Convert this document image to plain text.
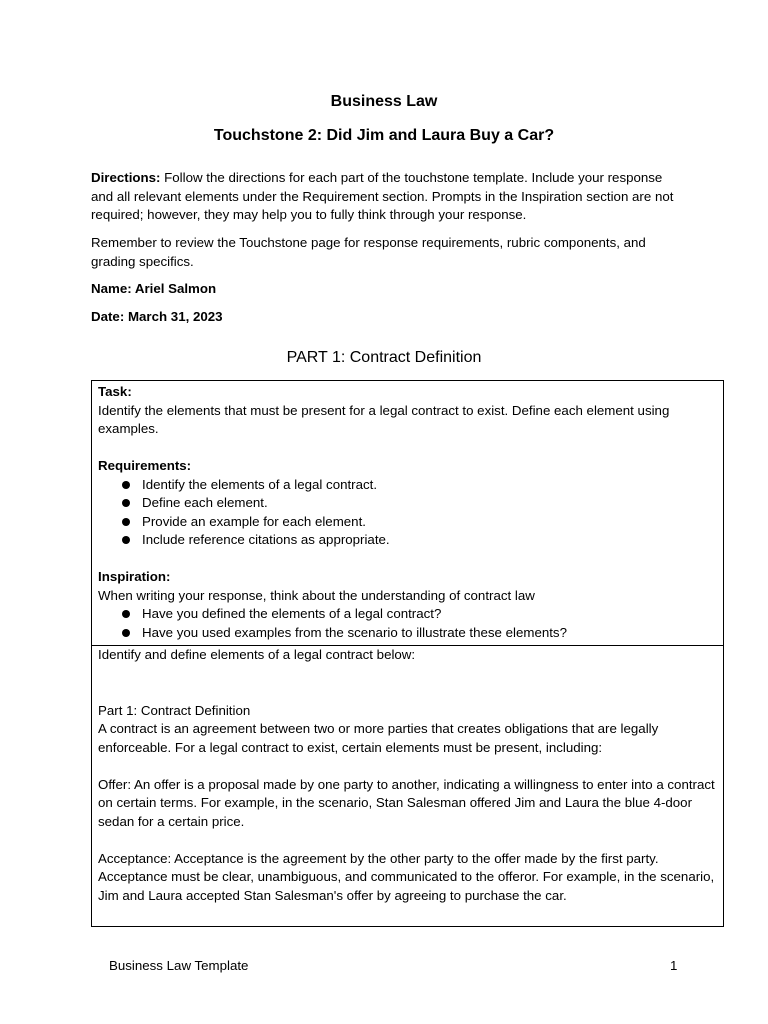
Business Law
Touchstone 2: Did Jim and Laura Buy a Car?
Directions: Follow the directions for each part of the touchstone template. Include your response and all relevant elements under the Requirement section. Prompts in the Inspiration section are not required; however, they may help you to fully think through your response.
Remember to review the Touchstone page for response requirements, rubric components, and grading specifics.
Name: Ariel Salmon
Date: March 31, 2023
PART 1: Contract Definition
Task:
Identify the elements that must be present for a legal contract to exist. Define each element using examples.
Requirements:
Identify the elements of a legal contract.
Define each element.
Provide an example for each element.
Include reference citations as appropriate.
Inspiration:
When writing your response, think about the understanding of contract law
Have you defined the elements of a legal contract?
Have you used examples from the scenario to illustrate these elements?
Identify and define elements of a legal contract below:
Part 1: Contract Definition
A contract is an agreement between two or more parties that creates obligations that are legally enforceable. For a legal contract to exist, certain elements must be present, including:
Offer: An offer is a proposal made by one party to another, indicating a willingness to enter into a contract on certain terms. For example, in the scenario, Stan Salesman offered Jim and Laura the blue 4-door sedan for a certain price.
Acceptance: Acceptance is the agreement by the other party to the offer made by the first party. Acceptance must be clear, unambiguous, and communicated to the offeror. For example, in the scenario, Jim and Laura accepted Stan Salesman's offer by agreeing to purchase the car.
Business Law Template	1
